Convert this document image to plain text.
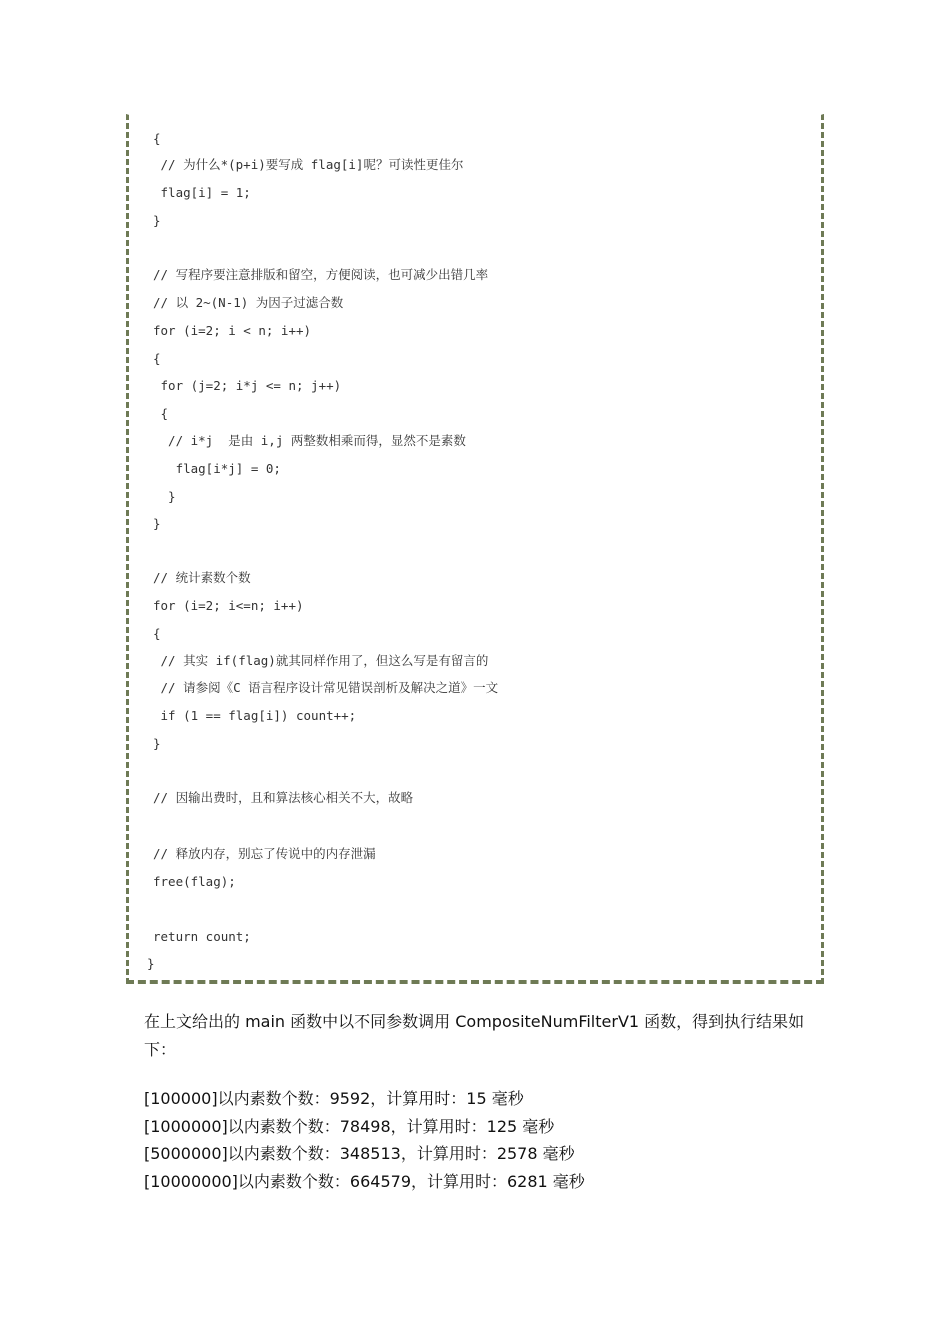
{
// 为什么*(p+i)要写成 flag[i]呢？可读性更佳尔
flag[i] = 1;
}
// 写程序要注意排版和留空，方便阅读，也可减少出错几率
// 以 2~(N-1) 为因子过滤合数
for (i=2; i < n; i++)
{
for (j=2; i*j <= n; j++)
{
// i*j  是由 i,j 两整数相乘而得，显然不是素数
flag[i*j] = 0;
}
}
// 统计素数个数
for (i=2; i<=n; i++)
{
// 其实 if(flag)就其同样作用了，但这么写是有留言的
// 请参阅《C 语言程序设计常见错误剖析及解决之道》一文
if (1 == flag[i]) count++;
}
// 因输出费时，且和算法核心相关不大，故略
// 释放内存，别忘了传说中的内存泄漏
free(flag);
return count;
}
在上文给出的 main 函数中以不同参数调用 CompositeNumFilterV1 函数，得到执行结果如下：
[100000]以内素数个数：9592，计算用时：15 毫秒
[1000000]以内素数个数：78498，计算用时：125 毫秒
[5000000]以内素数个数：348513，计算用时：2578 毫秒
[10000000]以内素数个数：664579，计算用时：6281 毫秒
